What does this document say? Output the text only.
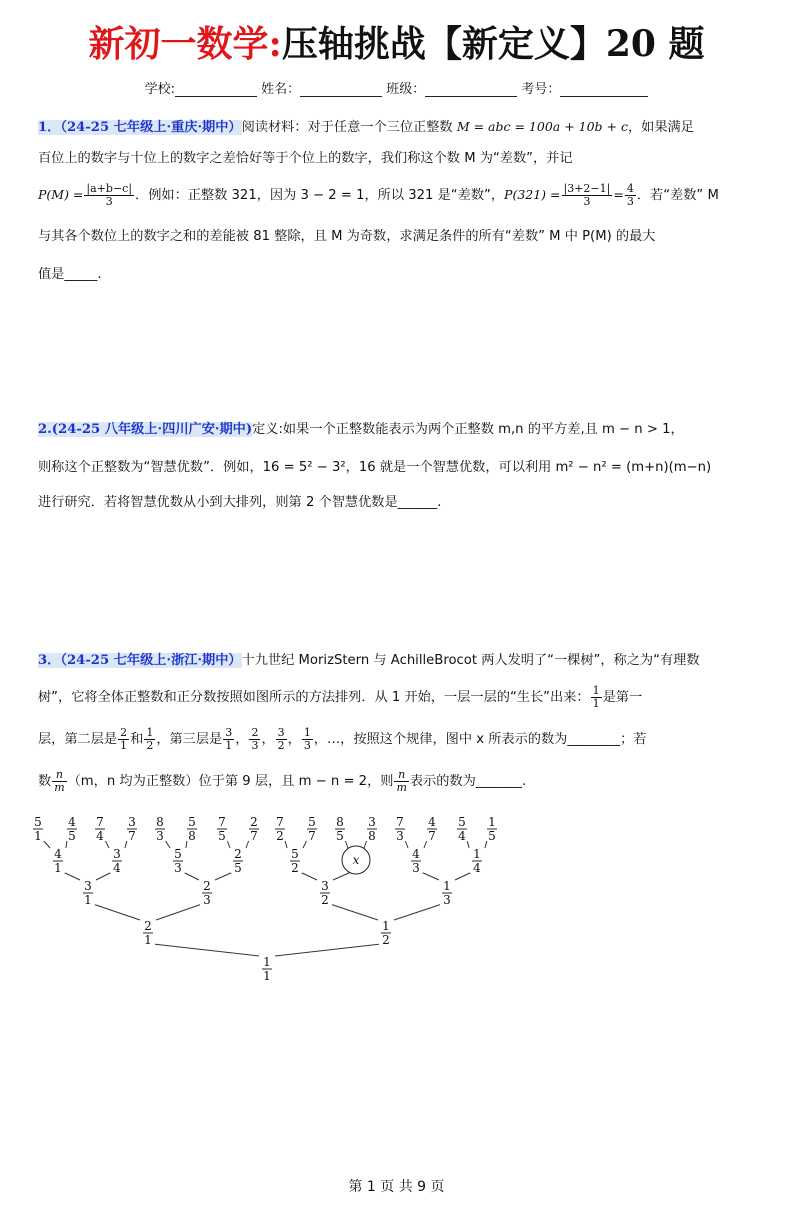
新初一数学:压轴挑战【新定义】20 题
学校:	姓名：	班级：	考号：
1．（24-25 七年级上·重庆·期中）阅读材料：对于任意一个三位正整数 M = abc = 100a + 10b + c，如果满足
百位上的数字与十位上的数字之差恰好等于个位上的数字，我们称这个数 M 为“差数”，并记
$P(M) = \frac{|a+b-c|}{3}$ ．例如：正整数 321，因为 3 − 2 = 1，所以 321 是“差数”，$P(321) = \frac{|3+2-1|}{3} = \frac{4}{3}$ ．若“差数” M
与其各个数位上的数字之和的差能被 81 整除，且 M 为奇数，求满足条件的所有“差数” M 中 P(M) 的最大
值是_____.
2.(24-25 八年级上·四川广安·期中)定义:如果一个正整数能表示为两个正整数 m,n 的平方差,且 m − n > 1，
则称这个正整数为“智慧优数”．例如，16 = 5² − 3²，16 就是一个智慧优数，可以利用 m² − n² = (m+n)(m−n)
进行研究．若将智慧优数从小到大排列，则第 2 个智慧优数是______.
3．（24-25 七年级上·浙江·期中）十九世纪 MorizStern 与 AchilleBrocot 两人发明了“一棵树”，称之为“有理数
树”，它将全体正整数和正分数按照如图所示的方法排列．从 1 开始，一层一层的“生长”出来： $\frac{1}{1}$ 是第一
层，第二层是 $\frac{2}{1}$ 和 $\frac{1}{2}$ ，第三层是 $\frac{3}{1}$ ， $\frac{2}{3}$ ， $\frac{3}{2}$ ， $\frac{1}{3}$ ，…，按照这个规律，图中 x 所表示的数为________；若
数 $\frac{n}{m} (m$，n 均为正整数）位于第 9 层，且 m − n = 2，则 $\frac{n}{m}$ 表示的数为_______.
5
1
4
5
7
4
3
7
8
3
5
8
7
5
2
7
7
2
5
7
8
5
3
8
7
3
4
7
5
4
1
5
4
1
3
4
5
3
2
5
5
2
x	4
3
1
4
3
1
2
3
3
2
1
3
2
1
1
2
1
1
第 1 页 共 9 页
